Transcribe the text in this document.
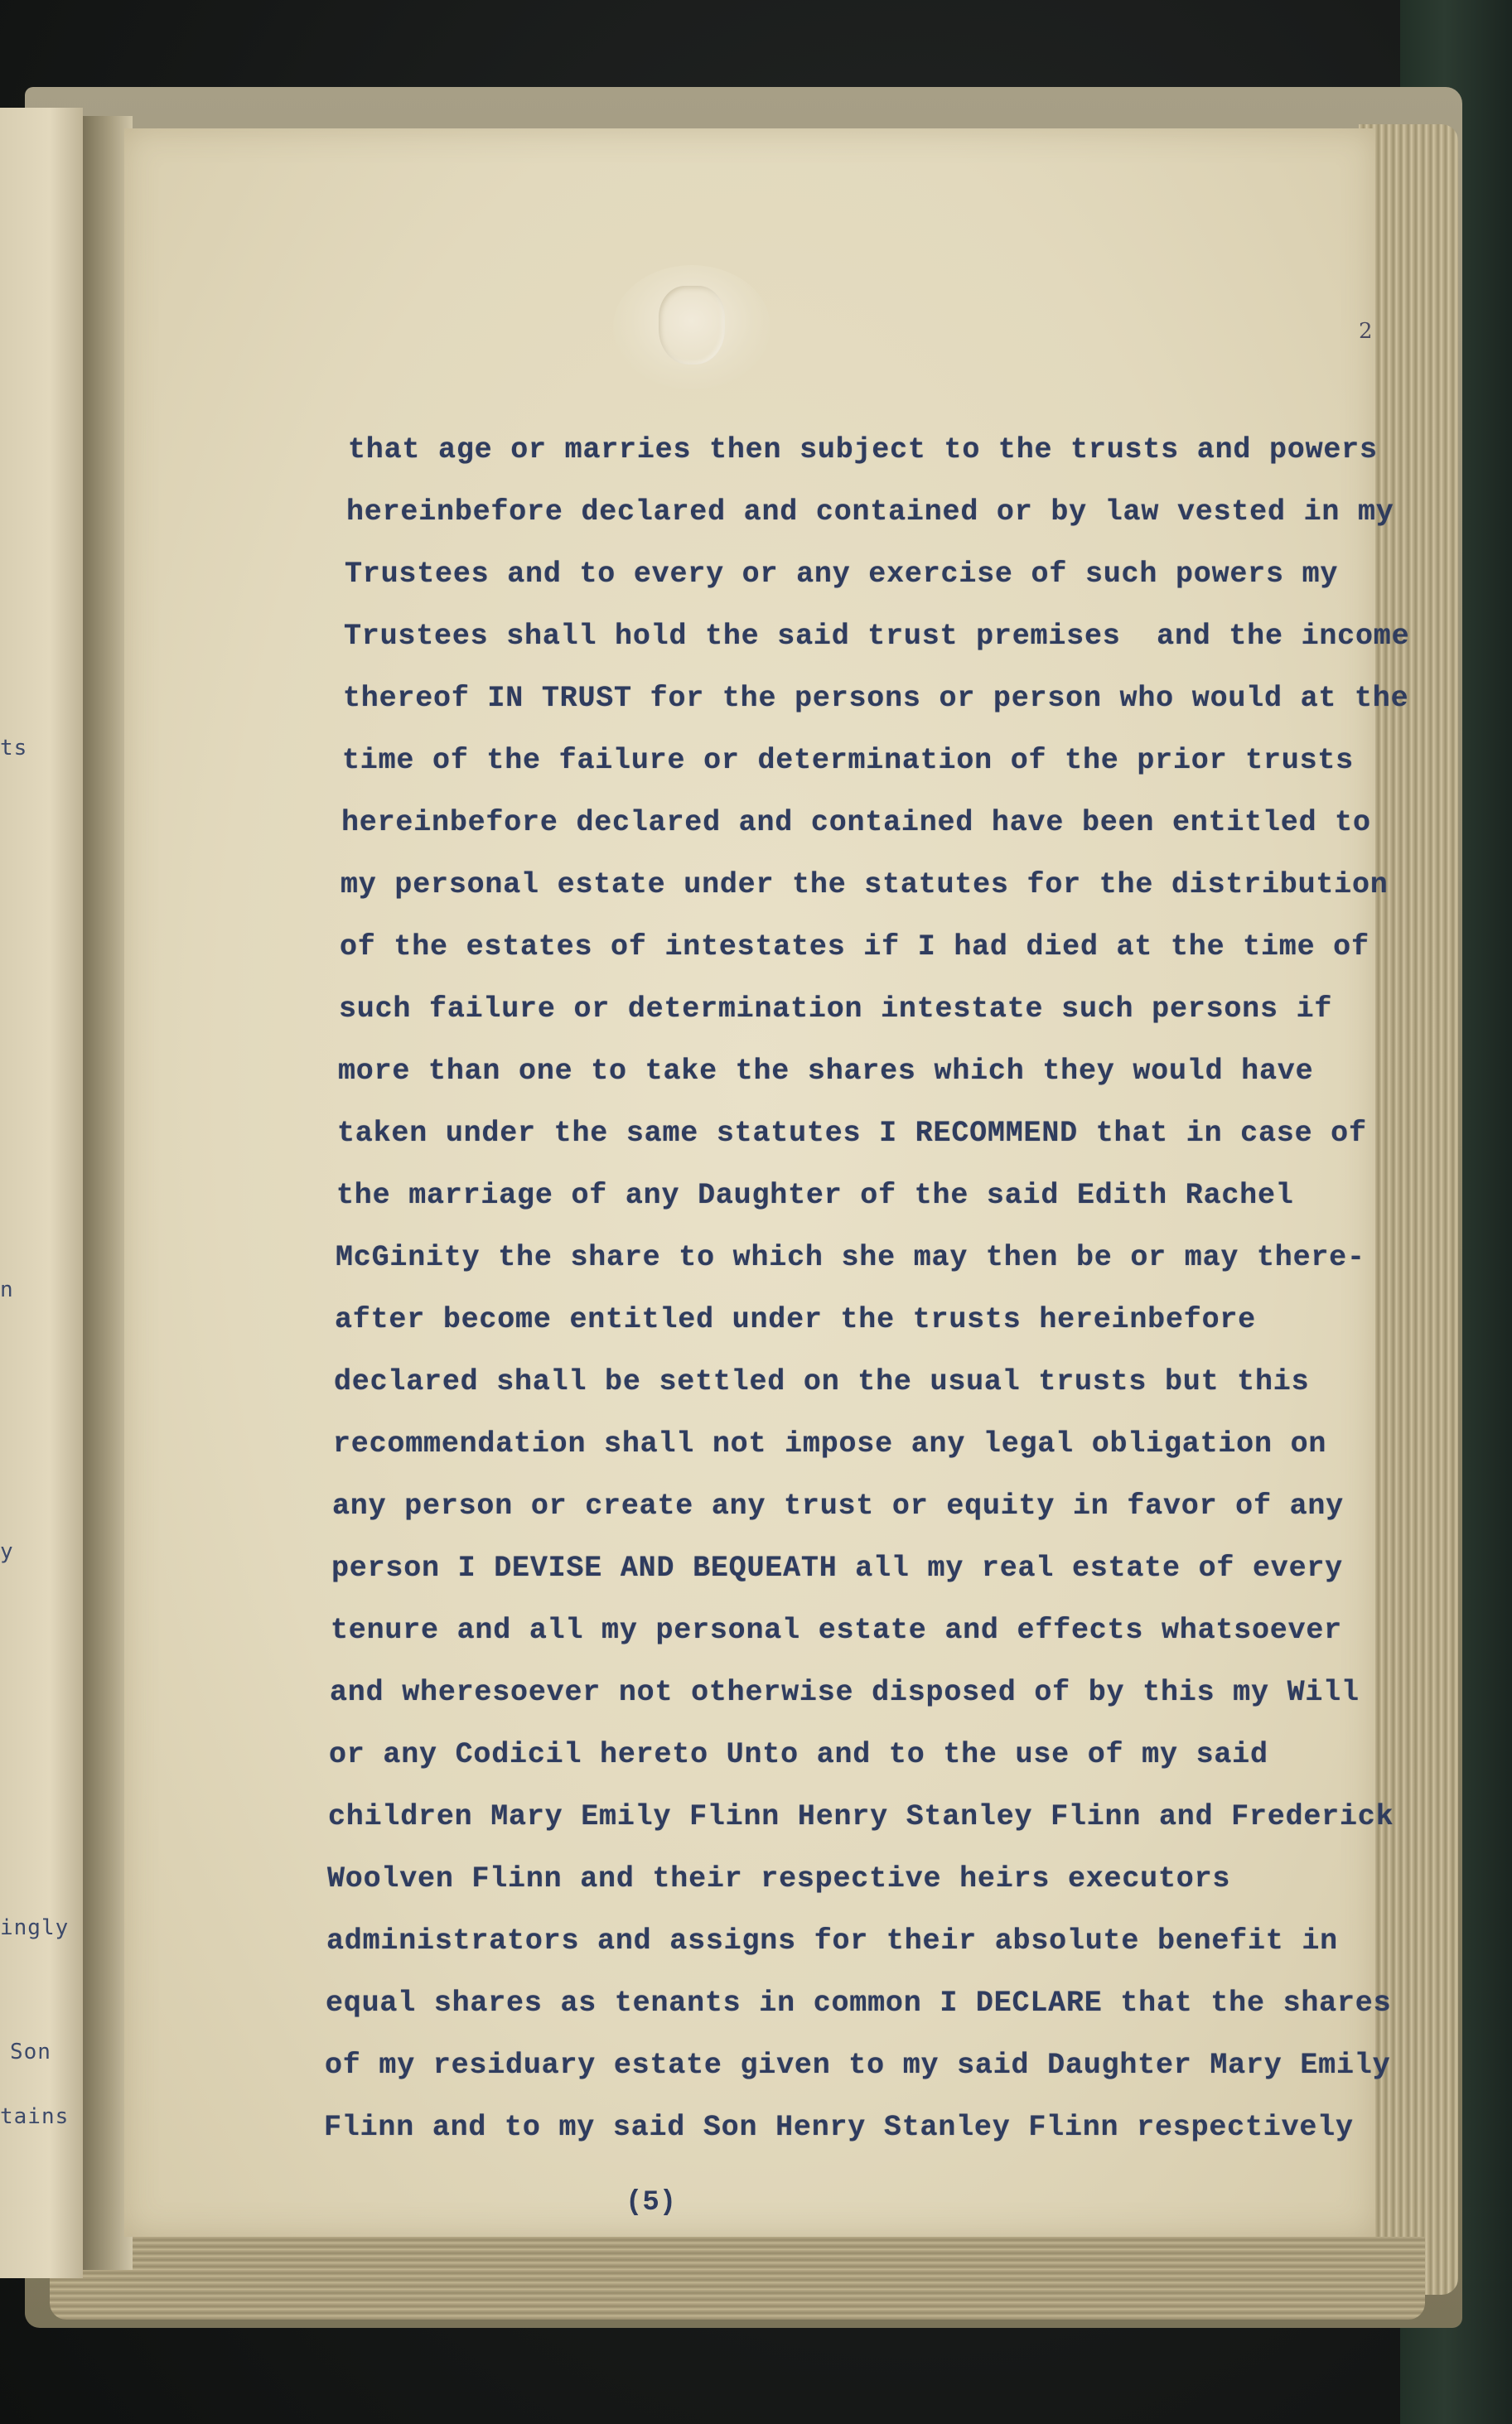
ts
n
y
ingly
Son
tains
2
that age or marries then subject to the trusts and powers
hereinbefore declared and contained or by law vested in my
Trustees and to every or any exercise of such powers my
Trustees shall hold the said trust premises  and the income
thereof IN TRUST for the persons or person who would at the
time of the failure or determination of the prior trusts
hereinbefore declared and contained have been entitled to
my personal estate under the statutes for the distribution
of the estates of intestates if I had died at the time of
such failure or determination intestate such persons if
more than one to take the shares which they would have
taken under the same statutes I RECOMMEND that in case of
the marriage of any Daughter of the said Edith Rachel
McGinity the share to which she may then be or may there-
after become entitled under the trusts hereinbefore
declared shall be settled on the usual trusts but this
recommendation shall not impose any legal obligation on
any person or create any trust or equity in favor of any
person I DEVISE AND BEQUEATH all my real estate of every
tenure and all my personal estate and effects whatsoever
and wheresoever not otherwise disposed of by this my Will
or any Codicil hereto Unto and to the use of my said
children Mary Emily Flinn Henry Stanley Flinn and Frederick
Woolven Flinn and their respective heirs executors
administrators and assigns for their absolute benefit in
equal shares as tenants in common I DECLARE that the shares
of my residuary estate given to my said Daughter Mary Emily
Flinn and to my said Son Henry Stanley Flinn respectively
(5)
